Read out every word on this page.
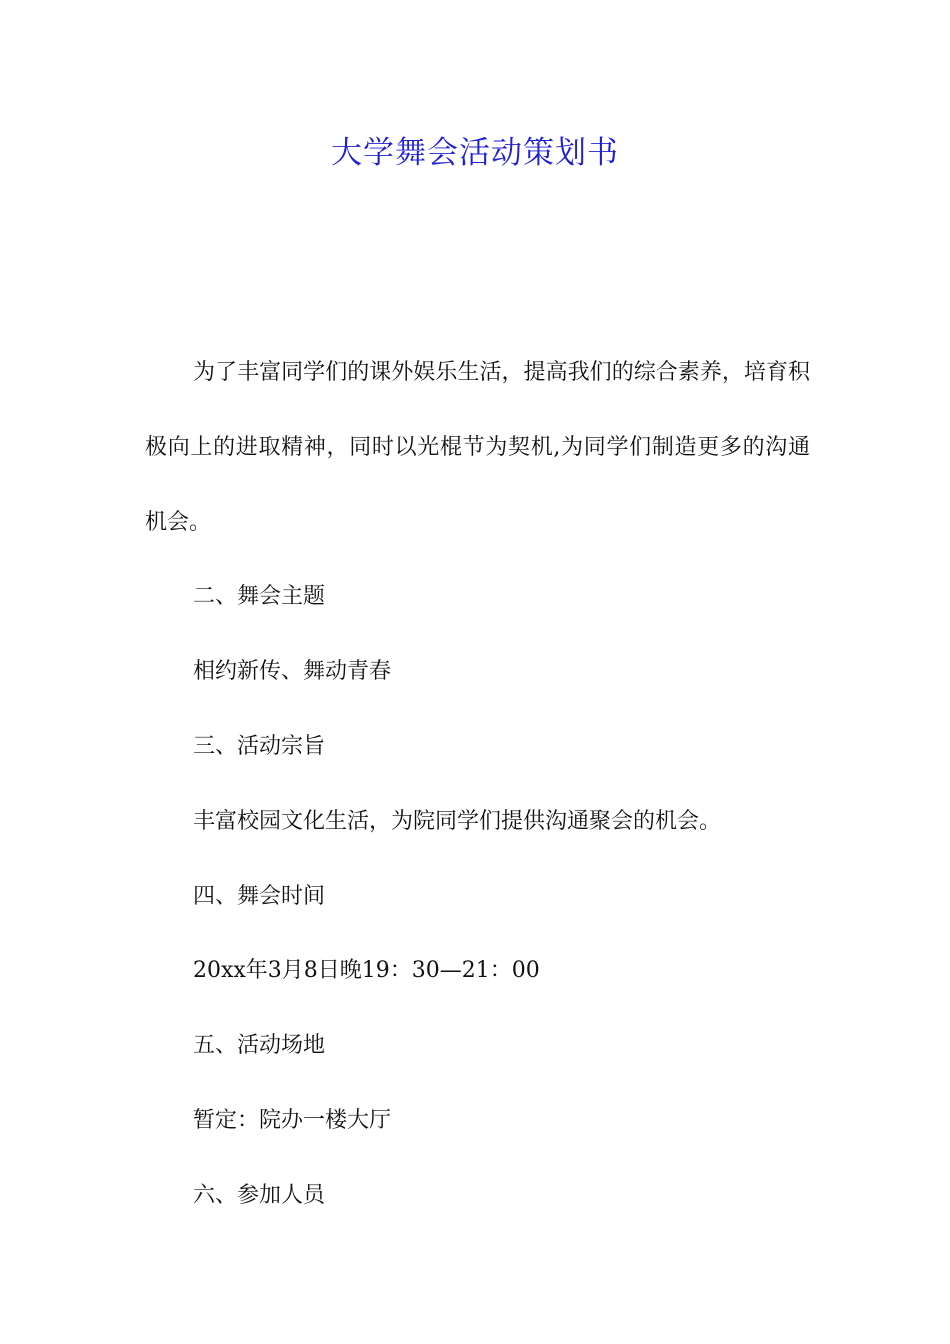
大学舞会活动策划书

为了丰富同学们的课外娱乐生活，提高我们的综合素养，培育积极向上的进取精神，同时以光棍节为契机,为同学们制造更多的沟通机会。

二、舞会主题

相约新传、舞动青春

三、活动宗旨

丰富校园文化生活，为院同学们提供沟通聚会的机会。

四、舞会时间

20xx年3月8日晚19：30—21：00

五、活动场地

暂定：院办一楼大厅

六、参加人员
